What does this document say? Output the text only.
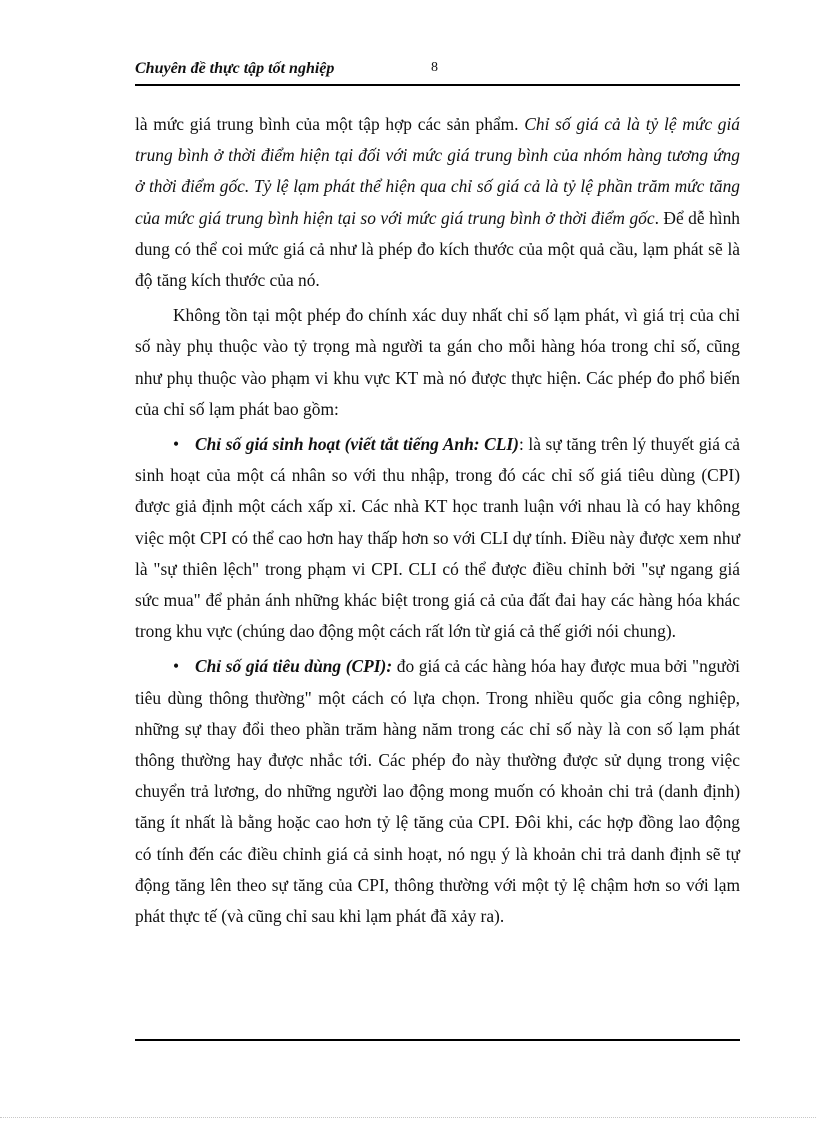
Chuyên đề thực tập tốt nghiệp	8

là mức giá trung bình của một tập hợp các sản phẩm. Chỉ số giá cả là tỷ lệ mức giá trung bình ở thời điểm hiện tại đối với mức giá trung bình của nhóm hàng tương ứng ở thời điểm gốc. Tỷ lệ lạm phát thể hiện qua chỉ số giá cả là tỷ lệ phần trăm mức tăng của mức giá trung bình hiện tại so với mức giá trung bình ở thời điểm gốc. Để dễ hình dung có thể coi mức giá cả như là phép đo kích thước của một quả cầu, lạm phát sẽ là độ tăng kích thước của nó.

Không tồn tại một phép đo chính xác duy nhất chỉ số lạm phát, vì giá trị của chỉ số này phụ thuộc vào tỷ trọng mà người ta gán cho mỗi hàng hóa trong chỉ số, cũng như phụ thuộc vào phạm vi khu vực KT mà nó được thực hiện. Các phép đo phổ biến của chỉ số lạm phát bao gồm:

• Chỉ số giá sinh hoạt (viết tắt tiếng Anh: CLI): là sự tăng trên lý thuyết giá cả sinh hoạt của một cá nhân so với thu nhập, trong đó các chỉ số giá tiêu dùng (CPI) được giả định một cách xấp xỉ. Các nhà KT học tranh luận với nhau là có hay không việc một CPI có thể cao hơn hay thấp hơn so với CLI dự tính. Điều này được xem như là "sự thiên lệch" trong phạm vi CPI. CLI có thể được điều chỉnh bởi "sự ngang giá sức mua" để phản ánh những khác biệt trong giá cả của đất đai hay các hàng hóa khác trong khu vực (chúng dao động một cách rất lớn từ giá cả thế giới nói chung).

• Chỉ số giá tiêu dùng (CPI): đo giá cả các hàng hóa hay được mua bởi "người tiêu dùng thông thường" một cách có lựa chọn. Trong nhiều quốc gia công nghiệp, những sự thay đổi theo phần trăm hàng năm trong các chỉ số này là con số lạm phát thông thường hay được nhắc tới. Các phép đo này thường được sử dụng trong việc chuyển trả lương, do những người lao động mong muốn có khoản chi trả (danh định) tăng ít nhất là bằng hoặc cao hơn tỷ lệ tăng của CPI. Đôi khi, các hợp đồng lao động có tính đến các điều chỉnh giá cả sinh hoạt, nó ngụ ý là khoản chi trả danh định sẽ tự động tăng lên theo sự tăng của CPI, thông thường với một tỷ lệ chậm hơn so với lạm phát thực tế (và cũng chỉ sau khi lạm phát đã xảy ra).
